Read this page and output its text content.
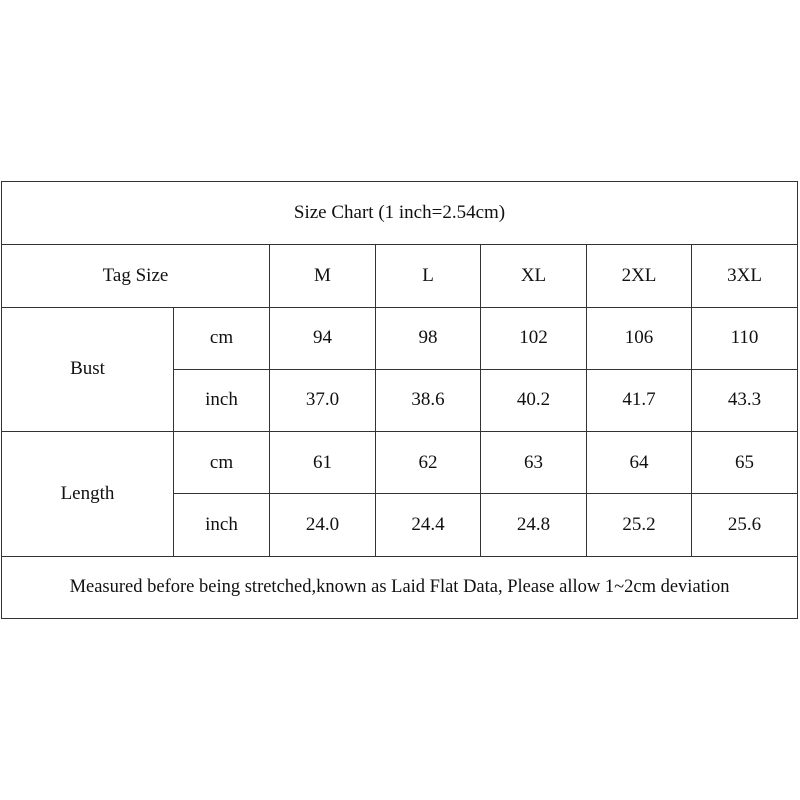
Size Chart (1 inch=2.54cm)						
Tag Size		M	L	XL	2XL	3XL
Bust	cm	94	98	102	106	110
	inch	37.0	38.6	40.2	41.7	43.3
Length	cm	61	62	63	64	65
	inch	24.0	24.4	24.8	25.2	25.6
Measured before being stretched,known as Laid Flat Data, Please allow 1~2cm deviation						
